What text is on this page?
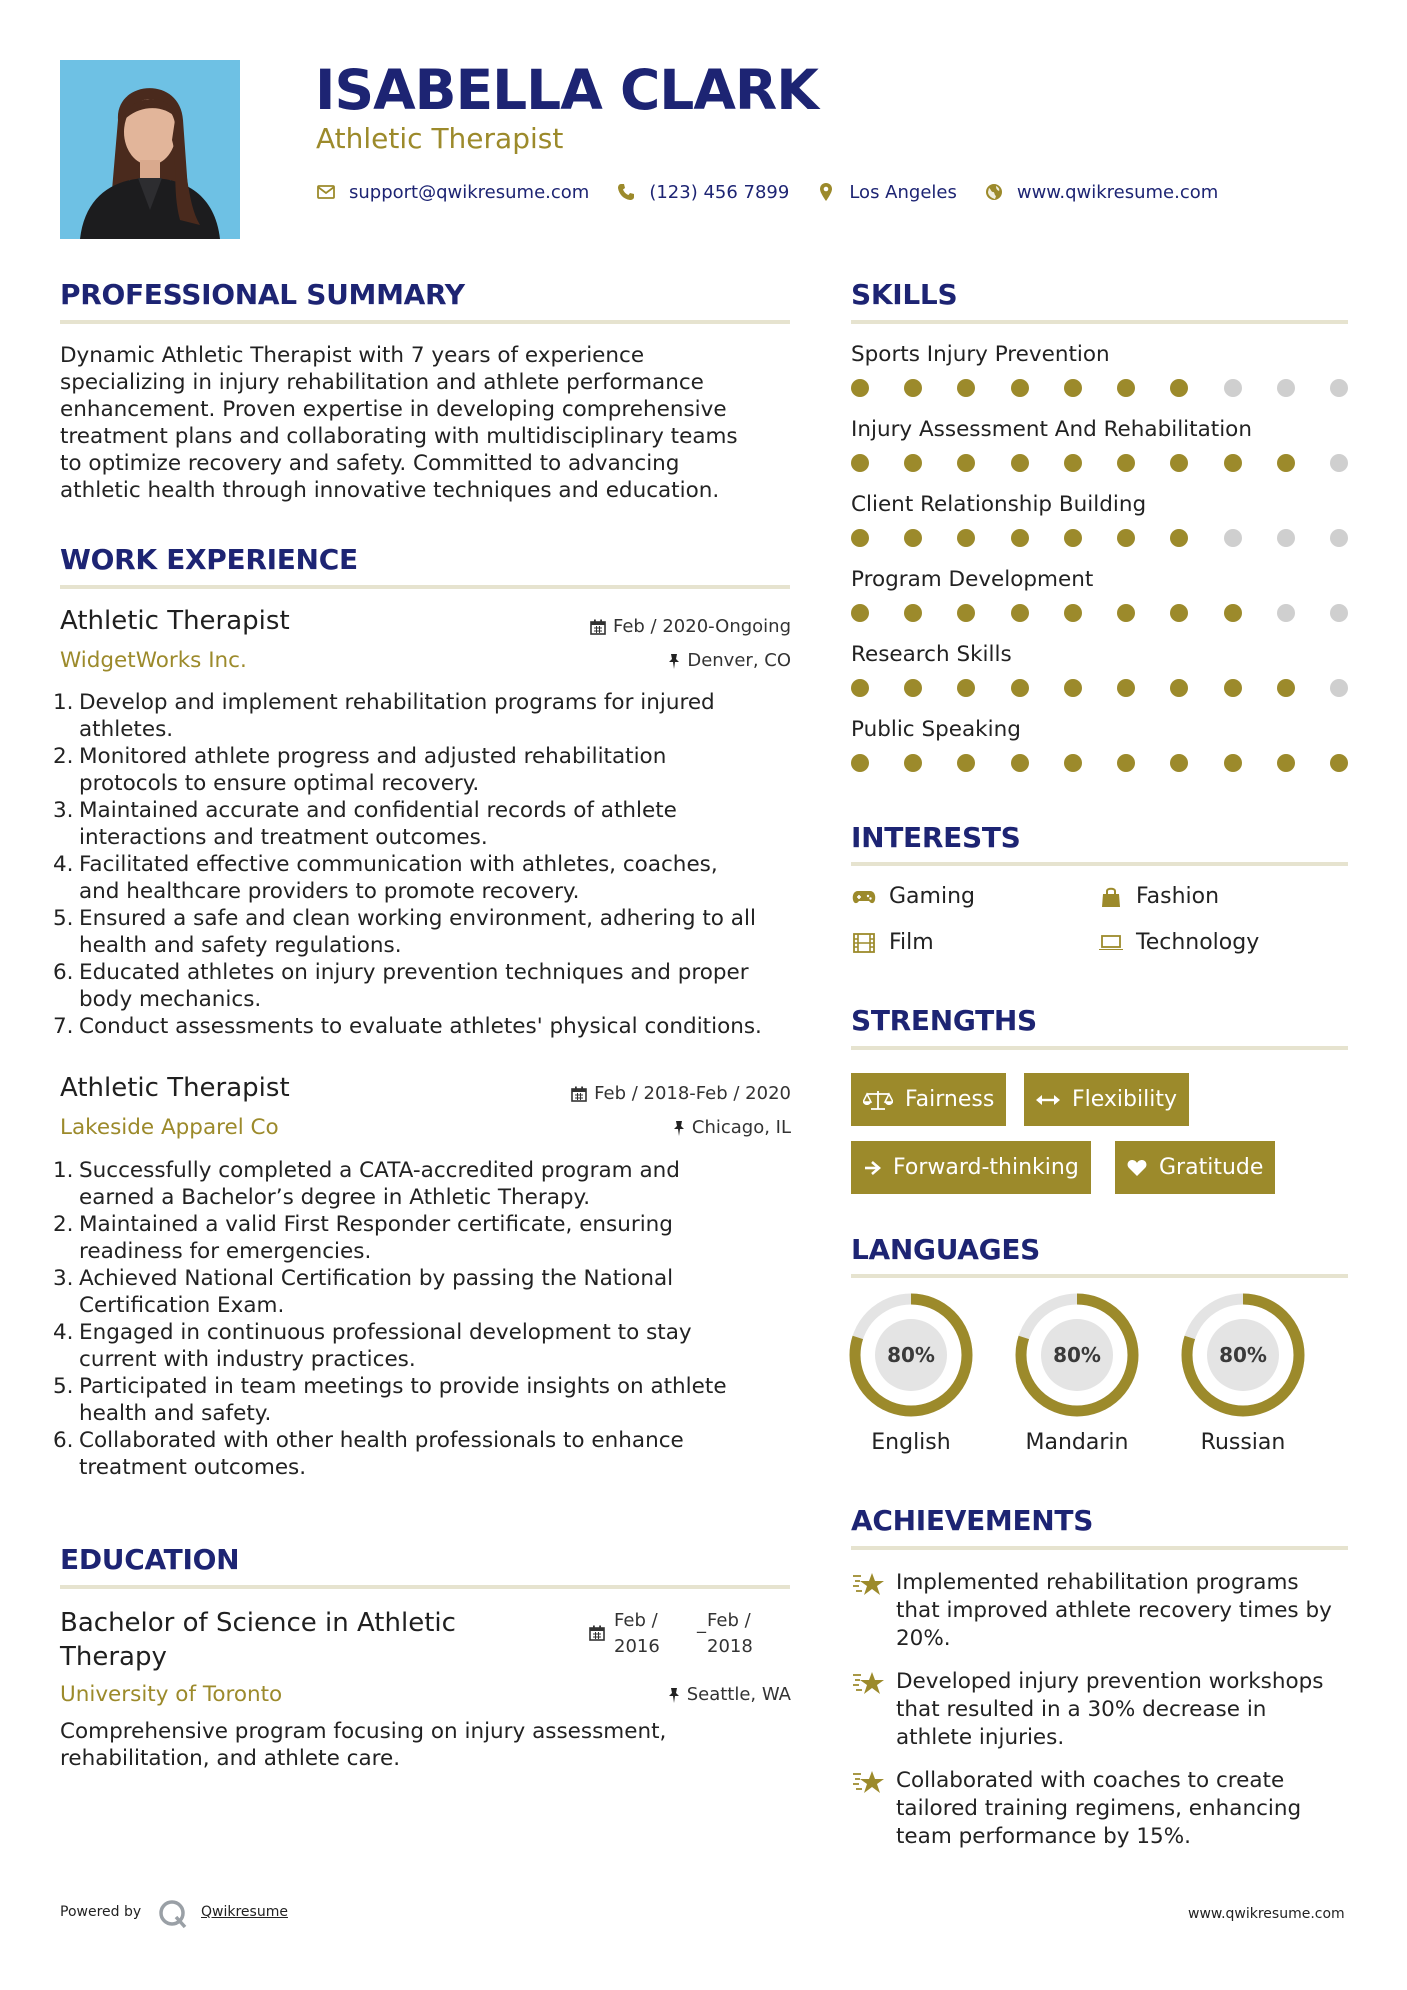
ISABELLA CLARK
Athletic Therapist
support@qwikresume.com	(123) 456 7899	Los Angeles	www.qwikresume.com
PROFESSIONAL SUMMARY
Dynamic Athletic Therapist with 7 years of experience
specializing in injury rehabilitation and athlete performance
enhancement. Proven expertise in developing comprehensive
treatment plans and collaborating with multidisciplinary teams
to optimize recovery and safety. Committed to advancing
athletic health through innovative techniques and education.
WORK EXPERIENCE
Athletic Therapist	Feb / 2020-Ongoing
WidgetWorks Inc.	Denver, CO
1. Develop and implement rehabilitation programs for injured
athletes.
2. Monitored athlete progress and adjusted rehabilitation
protocols to ensure optimal recovery.
3. Maintained accurate and confidential records of athlete
interactions and treatment outcomes.
4. Facilitated effective communication with athletes, coaches,
and healthcare providers to promote recovery.
5. Ensured a safe and clean working environment, adhering to all
health and safety regulations.
6. Educated athletes on injury prevention techniques and proper
body mechanics.
7. Conduct assessments to evaluate athletes' physical conditions.
Athletic Therapist	Feb / 2018-Feb / 2020
Lakeside Apparel Co	Chicago, IL
1. Successfully completed a CATA-accredited program and
earned a Bachelor’s degree in Athletic Therapy.
2. Maintained a valid First Responder certificate, ensuring
readiness for emergencies.
3. Achieved National Certification by passing the National
Certification Exam.
4. Engaged in continuous professional development to stay
current with industry practices.
5. Participated in team meetings to provide insights on athlete
health and safety.
6. Collaborated with other health professionals to enhance
treatment outcomes.
EDUCATION
Bachelor of Science in Athletic
Therapy
Feb /
2016
_ Feb /
2018
University of Toronto	Seattle, WA
Comprehensive program focusing on injury assessment,
rehabilitation, and athlete care.
SKILLS
Sports Injury Prevention
Injury Assessment And Rehabilitation
Client Relationship Building
Program Development
Research Skills
Public Speaking
INTERESTS
Gaming	Fashion
Film	Technology
STRENGTHS
Fairness	Flexibility
Forward-thinking	Gratitude
LANGUAGES
80%	80%	80%
English	Mandarin	Russian
ACHIEVEMENTS
Implemented rehabilitation programs
that improved athlete recovery times by
20%.
Developed injury prevention workshops
that resulted in a 30% decrease in
athlete injuries.
Collaborated with coaches to create
tailored training regimens, enhancing
team performance by 15%.
Powered by	Qwikresume	www.qwikresume.com
